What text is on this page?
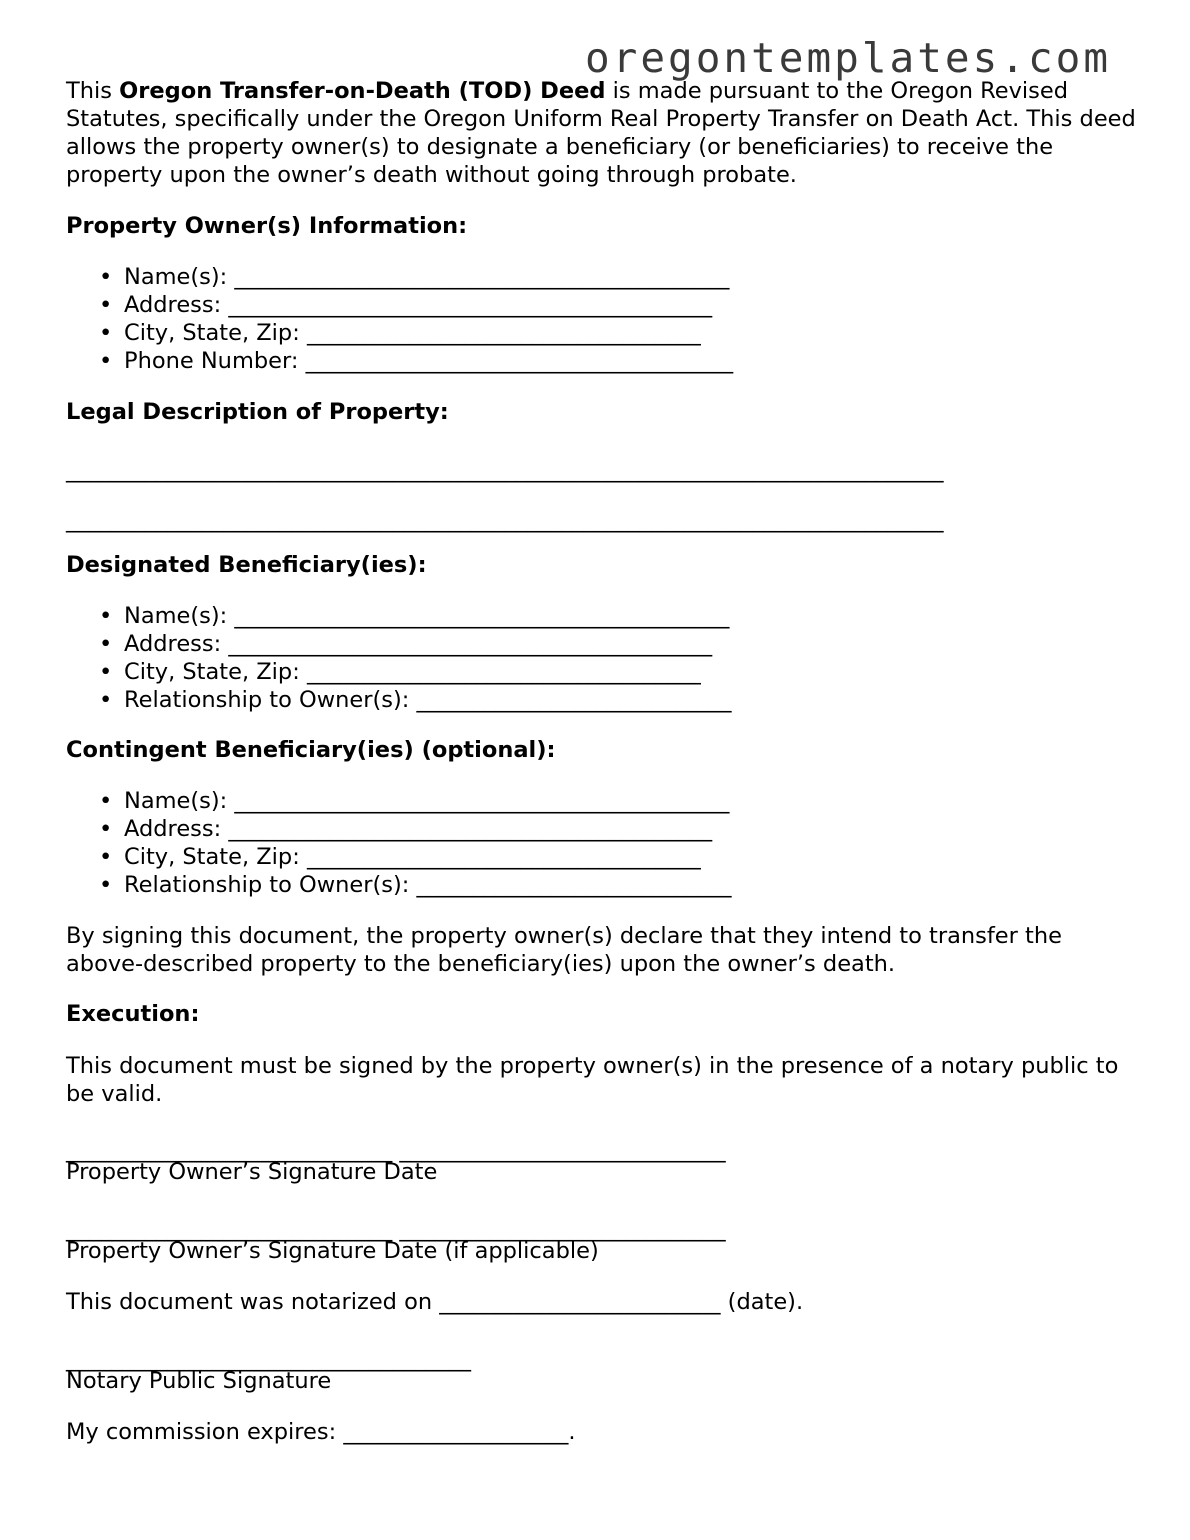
oregontemplates.com

This Oregon Transfer-on-Death (TOD) Deed is made pursuant to the Oregon Revised Statutes, specifically under the Oregon Uniform Real Property Transfer on Death Act. This deed allows the property owner(s) to designate a beneficiary (or beneficiaries) to receive the property upon the owner’s death without going through probate.

Property Owner(s) Information:
• Name(s): ____________________________________________
• Address: ___________________________________________
• City, State, Zip: ___________________________________
• Phone Number: ______________________________________
Legal Description of Property:
______________________________________________________________________________
______________________________________________________________________________
Designated Beneficiary(ies):
• Name(s): ____________________________________________
• Address: ___________________________________________
• City, State, Zip: ___________________________________
• Relationship to Owner(s): ____________________________
Contingent Beneficiary(ies) (optional):
• Name(s): ____________________________________________
• Address: ___________________________________________
• City, State, Zip: ___________________________________
• Relationship to Owner(s): ____________________________

By signing this document, the property owner(s) declare that they intend to transfer the above-described property to the beneficiary(ies) upon the owner’s death.

Execution:

This document must be signed by the property owner(s) in the presence of a notary public to be valid.

_____________________________ _____________________________
Property Owner’s Signature Date
_____________________________ _____________________________
Property Owner’s Signature Date (if applicable)
This document was notarized on _________________________ (date).
____________________________________
Notary Public Signature
My commission expires: ____________________.
